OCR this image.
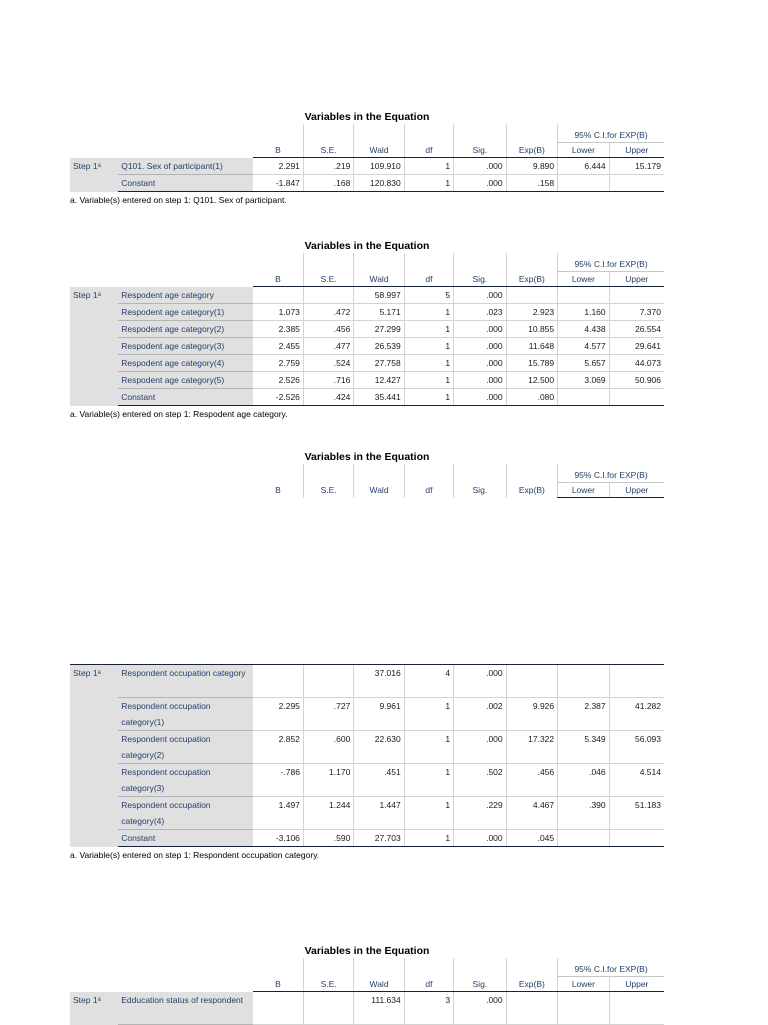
Variables in the Equation
								95% C.I.for EXP(B)	
		B	S.E.	Wald	df	Sig.	Exp(B)	Lower	Upper
Step 1ᵃ	Q101. Sex of participant(1)	2.291	.219	109.910	1	.000	9.890	6.444	15.179
	Constant	-1.847	.168	120.830	1	.000	.158		
a. Variable(s) entered on step 1: Q101. Sex of participant.
Variables in the Equation
								95% C.I.for EXP(B)	
		B	S.E.	Wald	df	Sig.	Exp(B)	Lower	Upper
Step 1ᵃ	Respodent age category			58.997	5	.000			
	Respodent age category(1)	1.073	.472	5.171	1	.023	2.923	1.160	7.370
	Respodent age category(2)	2.385	.456	27.299	1	.000	10.855	4.438	26.554
	Respodent age category(3)	2.455	.477	26.539	1	.000	11.648	4.577	29.641
	Respodent age category(4)	2.759	.524	27.758	1	.000	15.789	5.657	44.073
	Respodent age category(5)	2.526	.716	12.427	1	.000	12.500	3.069	50.906
	Constant	-2.526	.424	35.441	1	.000	.080		
a. Variable(s) entered on step 1: Respodent age category.
Variables in the Equation
								95% C.I.for EXP(B)	
		B	S.E.	Wald	df	Sig.	Exp(B)	Lower	Upper
Step 1ᵃ	Respondent occupation category			37.016	4	.000			
	Respondent occupation category(1)	2.295	.727	9.961	1	.002	9.926	2.387	41.282
	Respondent occupation category(2)	2.852	.600	22.630	1	.000	17.322	5.349	56.093
	Respondent occupation category(3)	-.786	1.170	.451	1	.502	.456	.046	4.514
	Respondent occupation category(4)	1.497	1.244	1.447	1	.229	4.467	.390	51.183
	Constant	-3.106	.590	27.703	1	.000	.045		
a. Variable(s) entered on step 1: Respondent occupation category.
Variables in the Equation
								95% C.I.for EXP(B)	
		B	S.E.	Wald	df	Sig.	Exp(B)	Lower	Upper
Step 1ᵃ	Edducation status of respondent			111.634	3	.000			
